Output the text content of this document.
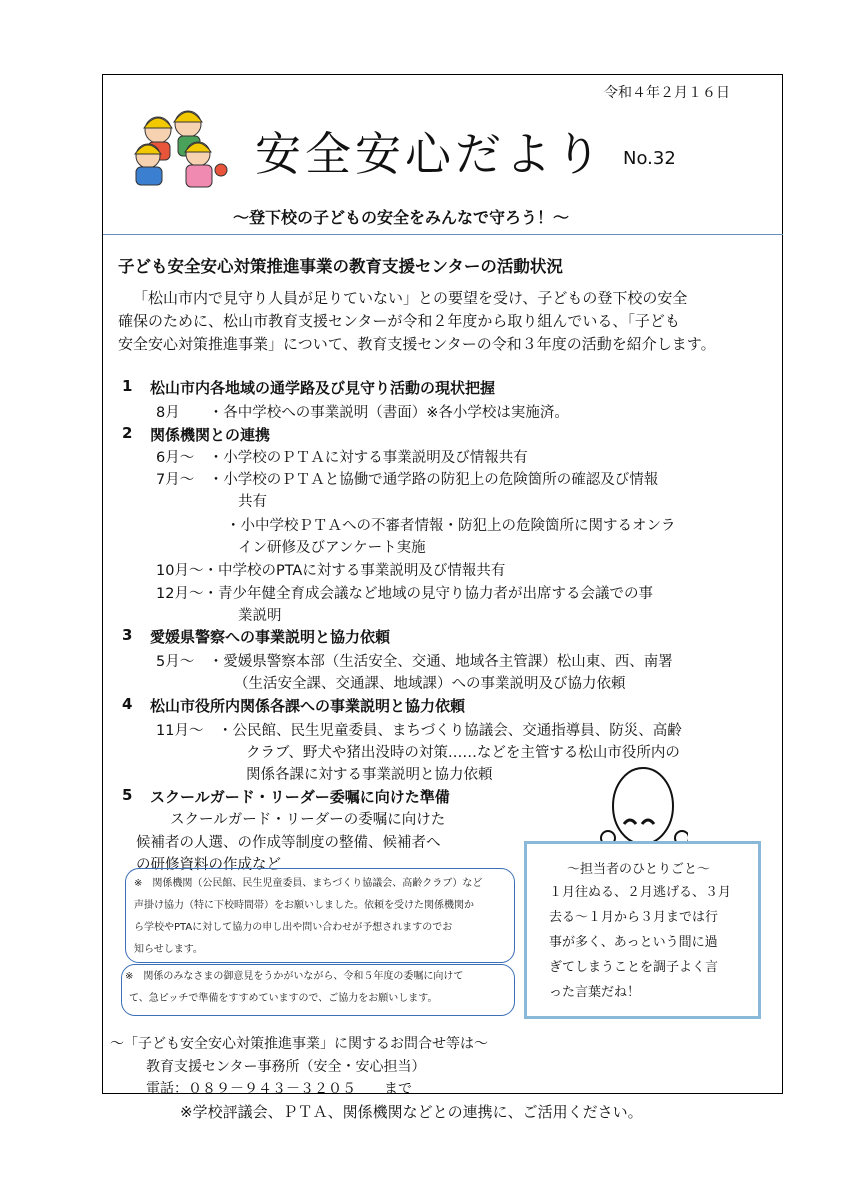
令和４年２月１６日
安全安心だより No.32
～登下校の子どもの安全をみんなで守ろう！～
子ども安全安心対策推進事業の教育支援センターの活動状況
「松山市内で見守り人員が足りていない」との要望を受け、子どもの登下校の安全
確保のために、松山市教育支援センターが令和２年度から取り組んでいる、「子ども
安全安心対策推進事業」について、教育支援センターの令和３年度の活動を紹介します。
1 松山市内各地域の通学路及び見守り活動の現状把握
8月　　・各中学校への事業説明（書面）※各小学校は実施済。
2 関係機関との連携
6月～　・小学校のＰＴＡに対する事業説明及び情報共有
7月～　・小学校のＰＴＡと協働で通学路の防犯上の危険箇所の確認及び情報
共有
・小中学校ＰＴＡへの不審者情報・防犯上の危険箇所に関するオンラ
イン研修及びアンケート実施
10月～・中学校のPTAに対する事業説明及び情報共有
12月～・青少年健全育成会議など地域の見守り協力者が出席する会議での事
業説明
3 愛媛県警察への事業説明と協力依頼
5月～　・愛媛県警察本部（生活安全、交通、地域各主管課）松山東、西、南署
（生活安全課、交通課、地域課）への事業説明及び協力依頼
4 松山市役所内関係各課への事業説明と協力依頼
11月～　・公民館、民生児童委員、まちづくり協議会、交通指導員、防災、高齢
クラブ、野犬や猪出没時の対策‥‥‥などを主管する松山市役所内の
関係各課に対する事業説明と協力依頼
5 スクールガード・リーダー委嘱に向けた準備
スクールガード・リーダーの委嘱に向けた
候補者の人選、の作成等制度の整備、候補者へ
の研修資料の作成など
※　関係機関（公民館、民生児童委員、まちづくり協議会、高齢クラブ）など
声掛け協力（特に下校時間帯）をお願いしました。依頼を受けた関係機関か
ら学校やPTAに対して協力の申し出や問い合わせが予想されますのでお
知らせします。
※　関係のみなさまの御意見をうかがいながら、令和５年度の委嘱に向けて
て、急ピッチで準備をすすめていますので、ご協力をお願いします。
～担当者のひとりごと～
１月往ぬる、２月逃げる、３月
去る～１月から３月までは行
事が多く、あっという間に過
ぎてしまうことを調子よく言
った言葉だね！
～「子ども安全安心対策推進事業」に関するお問合せ等は～
教育支援センター事務所（安全・安心担当）
電話：０８９－９４３－３２０５　　まで
※学校評議会、ＰＴＡ、関係機関などとの連携に、ご活用ください。
